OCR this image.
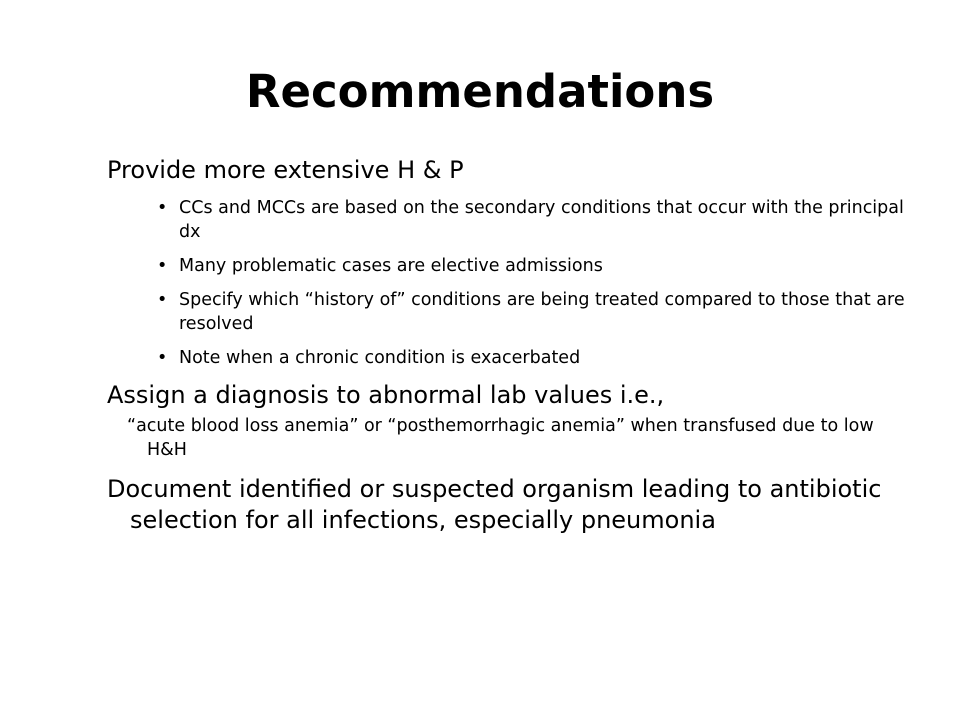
Recommendations

Provide more extensive H & P

• CCs and MCCs are based on the secondary conditions that occur with the principal dx
• Many problematic cases are elective admissions
• Specify which “history of” conditions are being treated compared to those that are resolved
• Note when a chronic condition is exacerbated

Assign a diagnosis to abnormal lab values i.e.,

“acute blood loss anemia” or “posthemorrhagic anemia” when transfused due to low H&H

Document identified or suspected organism leading to antibiotic selection for all infections, especially pneumonia
